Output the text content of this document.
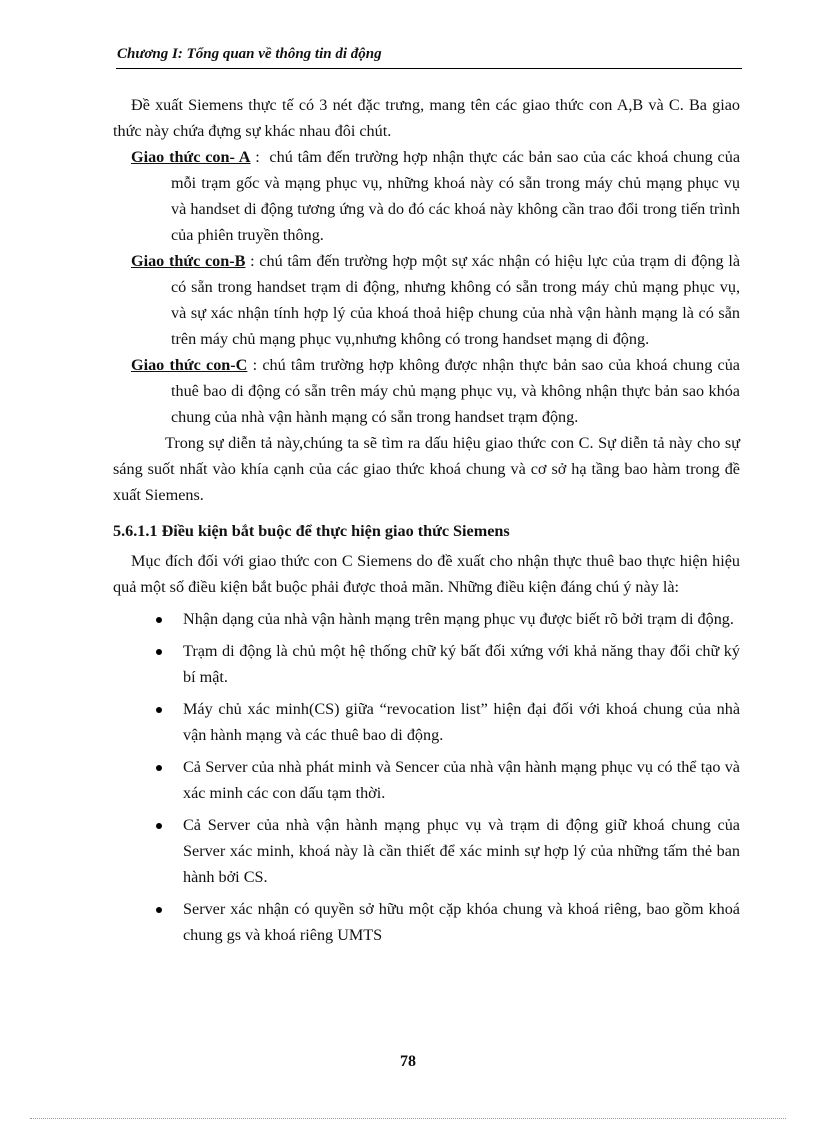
Chương I: Tổng quan về thông tin di động

Đề xuất Siemens thực tế có 3 nét đặc trưng, mang tên các giao thức con A,B và C. Ba giao thức này chứa đựng sự khác nhau đôi chút.

Giao thức con- A :  chú tâm đến trường hợp nhận thực các bản sao của các khoá chung của mỗi trạm gốc và mạng phục vụ, những khoá này có sẵn trong máy chủ mạng phục vụ và handset di động tương ứng và do đó các khoá này không cần trao đổi trong tiến trình của phiên truyền thông.

Giao thức con-B : chú tâm đến trường hợp một sự xác nhận có hiệu lực của trạm di động là có sẵn trong handset trạm di động, nhưng không có sẵn trong máy chủ mạng phục vụ, và sự xác nhận tính hợp lý của khoá thoả hiệp chung của nhà vận hành mạng là có sẵn trên máy chủ mạng phục vụ,nhưng không có trong handset mạng di động.

Giao thức con-C : chú tâm trường hợp không được nhận thực bản sao của khoá chung của thuê bao di động có sẵn trên máy chủ mạng phục vụ, và không nhận thực bản sao khóa chung của nhà vận hành mạng có sẵn trong handset trạm động.

Trong sự diễn tả này,chúng ta sẽ tìm ra dấu hiệu giao thức con C. Sự diễn tả này cho sự sáng suốt nhất vào khía cạnh của các giao thức khoá chung và cơ sở hạ tầng bao hàm trong đề xuất Siemens.

5.6.1.1 Điều kiện bắt buộc để thực hiện giao thức Siemens

Mục đích đối với giao thức con C Siemens do đề xuất cho nhận thực thuê bao thực hiện hiệu quả một số điều kiện bắt buộc phải được thoả mãn. Những điều kiện đáng chú ý này là:

Nhận dạng của nhà vận hành mạng trên mạng phục vụ được biết rõ bởi trạm di động.
Trạm di động là chủ một hệ thống chữ ký bất đối xứng với khả năng thay đổi chữ ký bí mật.
Máy chủ xác minh(CS) giữa “revocation list” hiện đại đối với khoá chung của nhà vận hành mạng và các thuê bao di động.
Cả Server của nhà phát minh và Sencer của nhà vận hành mạng phục vụ có thể tạo và xác minh các con dấu tạm thời.
Cả Server của nhà vận hành mạng phục vụ và trạm di động giữ khoá chung của Server xác minh, khoá này là cần thiết để xác minh sự hợp lý của những tấm thẻ ban hành bởi CS.
Server xác nhận có quyền sở hữu một cặp khóa chung và khoá riêng, bao gồm khoá chung gs và khoá riêng UMTS
78
